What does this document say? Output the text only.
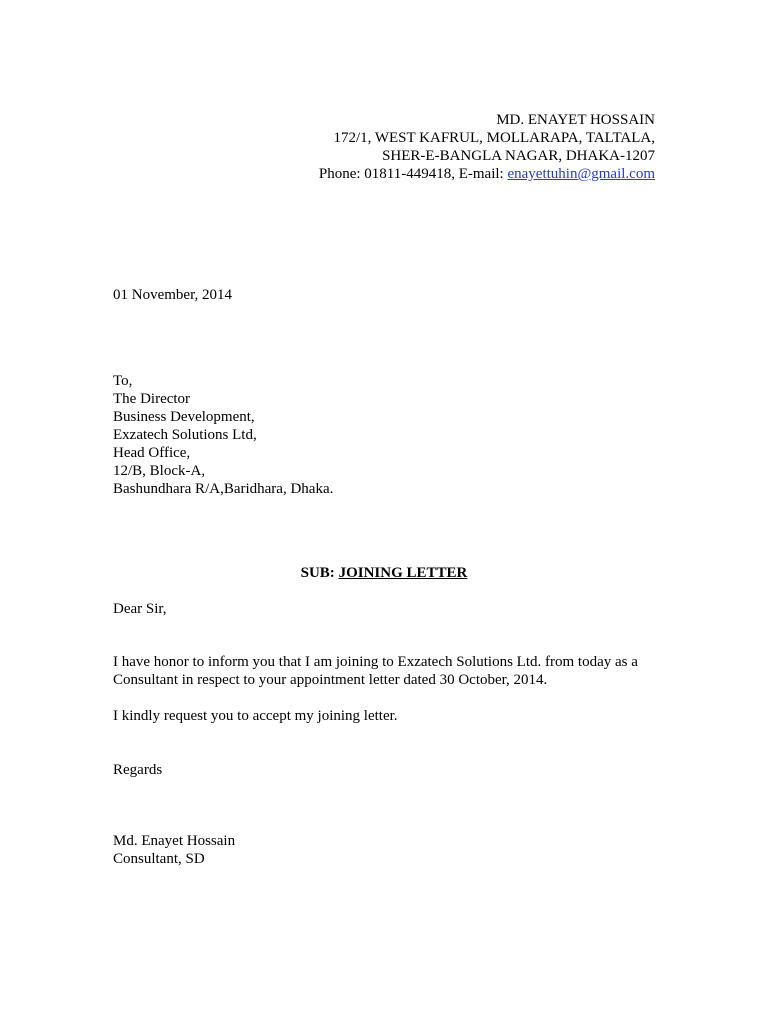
MD. ENAYET HOSSAIN
172/1, WEST KAFRUL, MOLLARAPA, TALTALA,
SHER-E-BANGLA NAGAR, DHAKA-1207
Phone: 01811-449418, E-mail: enayettuhin@gmail.com
01 November, 2014
To,
The Director
Business Development,
Exzatech Solutions Ltd,
Head Office,
12/B, Block-A,
Bashundhara R/A,Baridhara, Dhaka.
SUB: JOINING LETTER
Dear Sir,
I have honor to inform you that I am joining to Exzatech Solutions Ltd. from today as a
Consultant in respect to your appointment letter dated 30 October, 2014.
I kindly request you to accept my joining letter.
Regards
Md. Enayet Hossain
Consultant, SD
